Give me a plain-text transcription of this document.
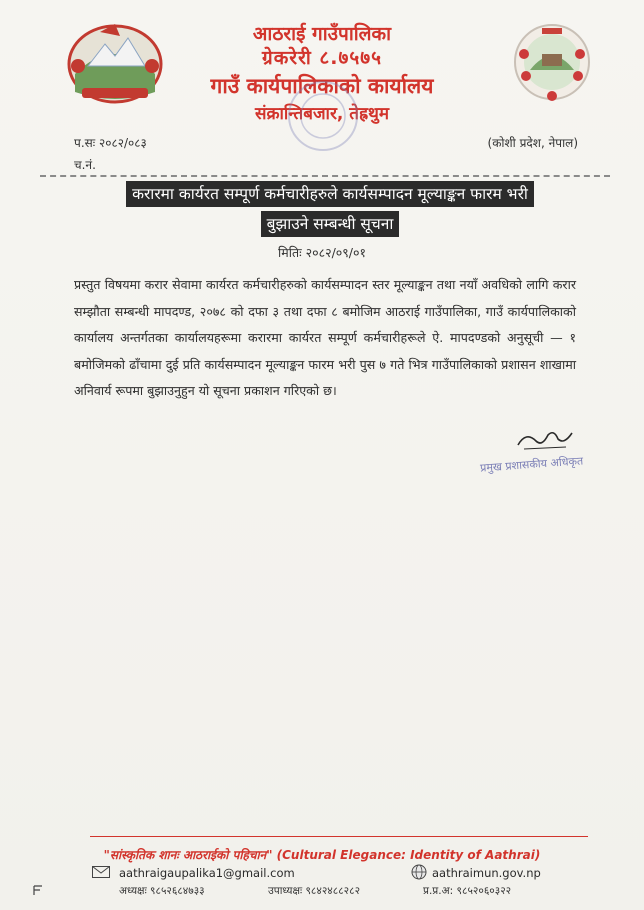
आठराई गाउँपालिका
ग्रेकरेरी ८.७५७५
गाउँ कार्यपालिकाको कार्यालय
संक्रान्तिबजार, तेह्रथुम
प.सः २०८२/०८३
च.नं.
(कोशी प्रदेश, नेपाल)
करारमा कार्यरत सम्पूर्ण कर्मचारीहरुले कार्यसम्पादन मूल्याङ्कन फारम भरी
बुझाउने सम्बन्धी सूचना
मितिः २०८२/०९/०१
प्रस्तुत विषयमा करार सेवामा कार्यरत कर्मचारीहरुको कार्यसम्पादन स्तर मूल्याङ्कन तथा नयाँ अवधिको लागि करार सम्झौता सम्बन्धी मापदण्ड, २०७८ को दफा ३ तथा दफा ८ बमोजिम आठराई गाउँपालिका, गाउँ कार्यपालिकाको कार्यालय अन्तर्गतका कार्यालयहरूमा करारमा कार्यरत सम्पूर्ण कर्मचारीहरूले ऐ. मापदण्डको अनुसूची — १ बमोजिमको ढाँचामा दुई प्रति कार्यसम्पादन मूल्याङ्कन फारम भरी पुस ७ गते भित्र गाउँपालिकाको प्रशासन शाखामा अनिवार्य रूपमा बुझाउनुहुन यो सूचना प्रकाशन गरिएको छ।
प्रमुख प्रशासकीय अधिकृत
"सांस्कृतिक शानः आठराईको पहिचान" (Cultural Elegance: Identity of Aathrai)
aathraigaupalika1@gmail.com	aathraimun.gov.np
अध्यक्षः ९८५२६८४७३३	उपाध्यक्षः ९८४२४८८२८२	प्र.प्र.अ: ९८५२०६०३२२
